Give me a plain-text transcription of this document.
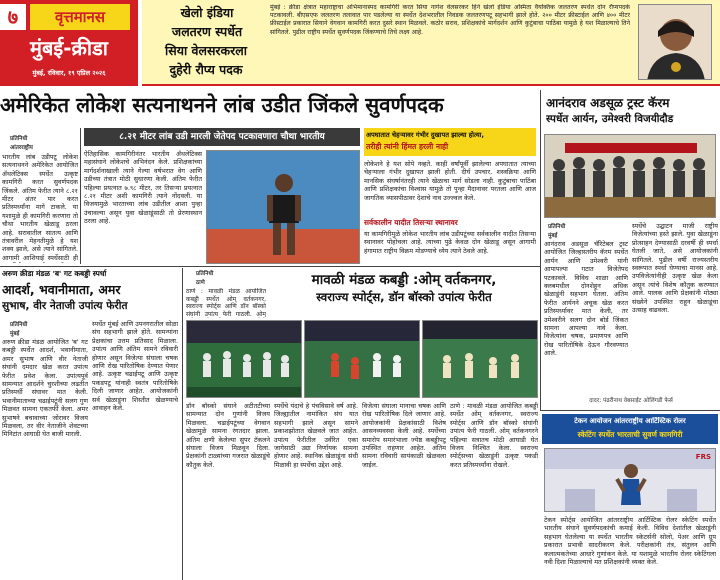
७	वृत्तमानस
मुंबई-क्रीडा
मुंबई, रविवार, १९ एप्रिल २०२६
खेलो इंडिया
जलतरण स्पर्धेत
सिया वेलसरकरला
दुहेरी रौप्य पदक
मुंबई : क्रीडा क्षेत्रात महाराष्ट्राचा अभिमानास्पद कामगिरी करत सिया नागेश वेलसरकर हिने खेलो इंडिया अस्मिता वैयक्तिक जलतरण स्पर्धेत दोन रौप्यपदके पटकावली. बीएसएफ जलतरण तलावात पार पडलेल्या या स्पर्धेत देशभरातील निवडक जलतरणपटू सहभागी झाले होते. २०० मीटर फ्रीस्टाईल आणि ४०० मीटर फ्रीस्टाईल प्रकारात सियाने वेगवान कामगिरी करत दुसरे स्थान मिळवले. कठोर सराव, प्रशिक्षकांचे मार्गदर्शन आणि कुटुंबाचा पाठिंबा यामुळे हे यश मिळाल्याचे तिने सांगितले. पुढील राष्ट्रीय स्पर्धेत सुवर्णपदक जिंकण्याचे तिचे लक्ष्य आहे.
अमेरिकेत लोकेश सत्यनाथनने लांब उडीत जिंकले सुवर्णपदक
प्रतिनिधी
आंतरराष्ट्रीय
भारतीय लांब उडीपटू लोकेश सत्यनाथनने अमेरिकेत आयोजित ॲथलेटिक्स स्पर्धेत उत्कृष्ट कामगिरी करत सुवर्णपदक जिंकले. अंतिम फेरीत त्याने ८.२१ मीटर अंतर पार करत प्रतिस्पर्ध्यांना मागे टाकले. या यशामुळे ही कामगिरी करणारा तो चौथा भारतीय खेळाडू ठरला आहे. सरावातील सातत्य आणि तंत्रावरील मेहनतीमुळे हे यश शक्य झाले, असे त्याने सांगितले. आगामी आशियाई स्पर्धेसाठी ही
८.२१ मीटर लांब उडी मारली जेतेपद पटकावणारा चौथा भारतीय
ऐतिहासिक कामगिरीनंतर भारतीय ॲथलेटिक्स महासंघाने लोकेशचे अभिनंदन केले. प्रशिक्षकांच्या मार्गदर्शनाखाली त्याने गेल्या वर्षभरात वेग आणि उडीच्या तंत्रात मोठी सुधारणा केली. अंतिम फेरीत पहिल्या प्रयत्नात ७.९८ मीटर, तर तिसऱ्या प्रयत्नात ८.२१ मीटर अशी कामगिरी त्याने नोंदवली. या विजयामुळे भारताच्या लांब उडीतील आशा पुन्हा उंचावल्या असून युवा खेळाडूंसाठी तो प्रेरणास्थान ठरला आहे.
अपघातात चेहऱ्यावर गंभीर दुखापत झाल्या होत्या,
तरीही त्यांनी हिंमत हरली नाही
लोकेशने हे यश सोपे नव्हते. काही वर्षांपूर्वी झालेल्या अपघातात त्याच्या चेहऱ्याला गंभीर दुखापत झाली होती. दीर्घ उपचार, शस्त्रक्रिया आणि मानसिक संघर्षानंतरही त्याने खेळाचा मार्ग सोडला नाही. कुटुंबाचा पाठिंबा आणि प्रशिक्षकांचा विश्वास यामुळे तो पुन्हा मैदानावर परतला आणि आज जागतिक व्यासपीठावर देशाचे नाव उज्ज्वल केले.
सर्वकालीन यादीत तिसऱ्या स्थानावर
या कामगिरीमुळे लोकेश भारतीय लांब उडीपटूंच्या सर्वकालीन यादीत तिसऱ्या स्थानावर पोहोचला आहे. त्याच्या पुढे केवळ दोन खेळाडू असून आगामी हंगामात राष्ट्रीय विक्रम मोडण्याचे ध्येय त्याने ठेवले आहे.
आनंदराव अडसूळ ट्रस्ट कॅरम
स्पर्धेत आर्यन, उमेश्वरी विजयीदौड
प्रतिनिधी
मुंबई
आनंदराव अडसूळ चॅरिटेबल ट्रस्ट आयोजित जिल्हास्तरीय कॅरम स्पर्धेत आर्यन आणि उमेश्वरी यांनी आपापल्या गटात विजेतेपद पटकावले. विविध शाळा आणि क्लबमधील दोनशेहून अधिक खेळाडूंनी सहभाग घेतला. अंतिम फेरीत आर्यनने अचूक खेळ करत प्रतिस्पर्ध्यावर मात केली, तर उमेश्वरीने सलग दोन बोर्ड जिंकत सामना आपल्या नावे केला. विजेत्यांना चषक, प्रमाणपत्र आणि रोख पारितोषिके देऊन गौरवण्यात आले.
स्पर्धेचे उद्घाटन माजी राष्ट्रीय विजेत्यांच्या हस्ते झाले. युवा खेळाडूंना प्रोत्साहन देण्यासाठी दरवर्षी ही स्पर्धा घेतली जाते, असे आयोजकांनी सांगितले. पुढील वर्षी राज्यस्तरीय स्वरूपात स्पर्धा घेण्याचा मानस आहे. उपविजेत्यांनीही उत्कृष्ट खेळ केला असून त्यांचे विशेष कौतुक करण्यात आले. पालक आणि प्रेक्षकांनी मोठ्या संख्येने उपस्थित राहून खेळाडूंचा उत्साह वाढवला.
दादर: पंढरीनाथ वेबसाईट ओलिंगडी फेर्स
अरुण क्रीडा मंडळ 'ब' गट कबड्डी स्पर्धा
आदर्श, भवानीमाता, अमर
सुभाष, वीर नेताजी उपांत्य फेरीत
प्रतिनिधी
मुंबई
अरुण क्रीडा मंडळ आयोजित 'ब' गट कबड्डी स्पर्धेत आदर्श, भवानीमाता, अमर सुभाष आणि वीर नेताजी संघांनी दमदार खेळ करत उपांत्य फेरीत प्रवेश केला. उपांत्यपूर्व सामन्यात आदर्शने चुरशीच्या लढतीत प्रतिस्पर्धी संघावर मात केली. भवानीमाताच्या चढाईपटूंनी सलग गुण मिळवत सामना एकतर्फी केला. अमर सुभाषने बचावाच्या जोरावर विजय मिळवला, तर वीर नेताजीने शेवटच्या मिनिटांत आघाडी घेत बाजी मारली.
स्पर्धेत मुंबई आणि उपनगरातील सोळा संघ सहभागी झाले होते. सामन्यांना प्रेक्षकांचा उत्तम प्रतिसाद मिळाला. उपांत्य आणि अंतिम सामने रविवारी होणार असून विजेत्या संघाला चषक आणि रोख पारितोषिक देण्यात येणार आहे. उत्कृष्ट चढाईपटू आणि उत्कृष्ट पकडपटू यांनाही स्वतंत्र पारितोषिके दिली जाणार आहेत. आयोजकांनी सर्व खेळाडूंना शिस्तीत खेळण्याचे आवाहन केले.
प्रतिनिधी
ठाणे
ठाणे : मावळी मंडळ आयोजित कबड्डी स्पर्धेत ओम् वर्तकनगर, स्वराज्य स्पोर्ट्स आणि डॉन बॉस्को संघांनी उपांत्य फेरी गाठली. ओम्
मावळी मंडळ कबड्डी :ओम् वर्तकनगर,
स्वराज्य स्पोर्ट्स, डॉन बॉस्को उपांत्य फेरीत
डॉन बॉस्को संघाने अटीतटीच्या सामन्यात दोन गुणांनी विजय मिळवला. चढाईपटूंच्या वेगवान खेळामुळे सामना रंगतदार झाला. अंतिम क्षणी केलेल्या सुपर टॅकलने संघाला विजय मिळवून दिला. प्रेक्षकांनी टाळ्यांच्या गजरात खेळाडूंचे कौतुक केले.
स्पर्धेचे यंदाचे हे पंचविसावे वर्ष आहे. जिल्ह्यातील नामांकित संघ यात सहभागी झाले असून सामने प्रकाशझोतात खेळवले जात आहेत. उपांत्य फेरीतील उर्वरित एका जागेसाठी उद्या निर्णायक सामना होणार आहे. स्थानिक खेळाडूंना संधी मिळावी हा स्पर्धेचा उद्देश आहे.
विजेत्या संघाला मानाचा चषक आणि रोख पारितोषिक दिले जाणार आहे. आयोजकांनी प्रेक्षकांसाठी विशेष आसनव्यवस्था केली आहे. स्पर्धेच्या समारोप समारंभाला ज्येष्ठ कबड्डीपटू उपस्थित राहणार आहेत. अंतिम सामना रविवारी सायंकाळी खेळवला जाईल.
ठाणे : मावळी मंडळ आयोजित कबड्डी स्पर्धेत ओम् वर्तकनगर, स्वराज्य स्पोर्ट्स आणि डॉन बॉस्को संघांनी उपांत्य फेरी गाठली. ओम् वर्तकनगरने पहिल्या सत्रातच मोठी आघाडी घेत विजय निश्चित केला. स्वराज्य स्पोर्ट्सच्या खेळाडूंनी उत्कृष्ट पकडी करत प्रतिस्पर्ध्यांना रोखले.
टेकन आयोजन आंतरराष्ट्रीय आर्टिस्टिक रोलर
स्केटिंग स्पर्धेत भारताची सुवर्ण कामगिरी
FRS
टेकन स्पोर्ट्स आयोजित आंतरराष्ट्रीय आर्टिस्टिक रोलर स्केटिंग स्पर्धेत भारतीय संघाने सुवर्णपदकांची कमाई केली. विविध देशांतील खेळाडूंनी सहभाग घेतलेल्या या स्पर्धेत भारतीय स्केटर्सनी सोलो, पेअर आणि ग्रुप प्रकारात प्रभावी सादरीकरण केले. परीक्षकांनी तंत्र, संतुलन आणि कलात्मकतेच्या आधारे गुणांकन केले. या यशामुळे भारतीय रोलर स्केटिंगला नवी दिशा मिळाल्याचे मत प्रशिक्षकांनी व्यक्त केले.
